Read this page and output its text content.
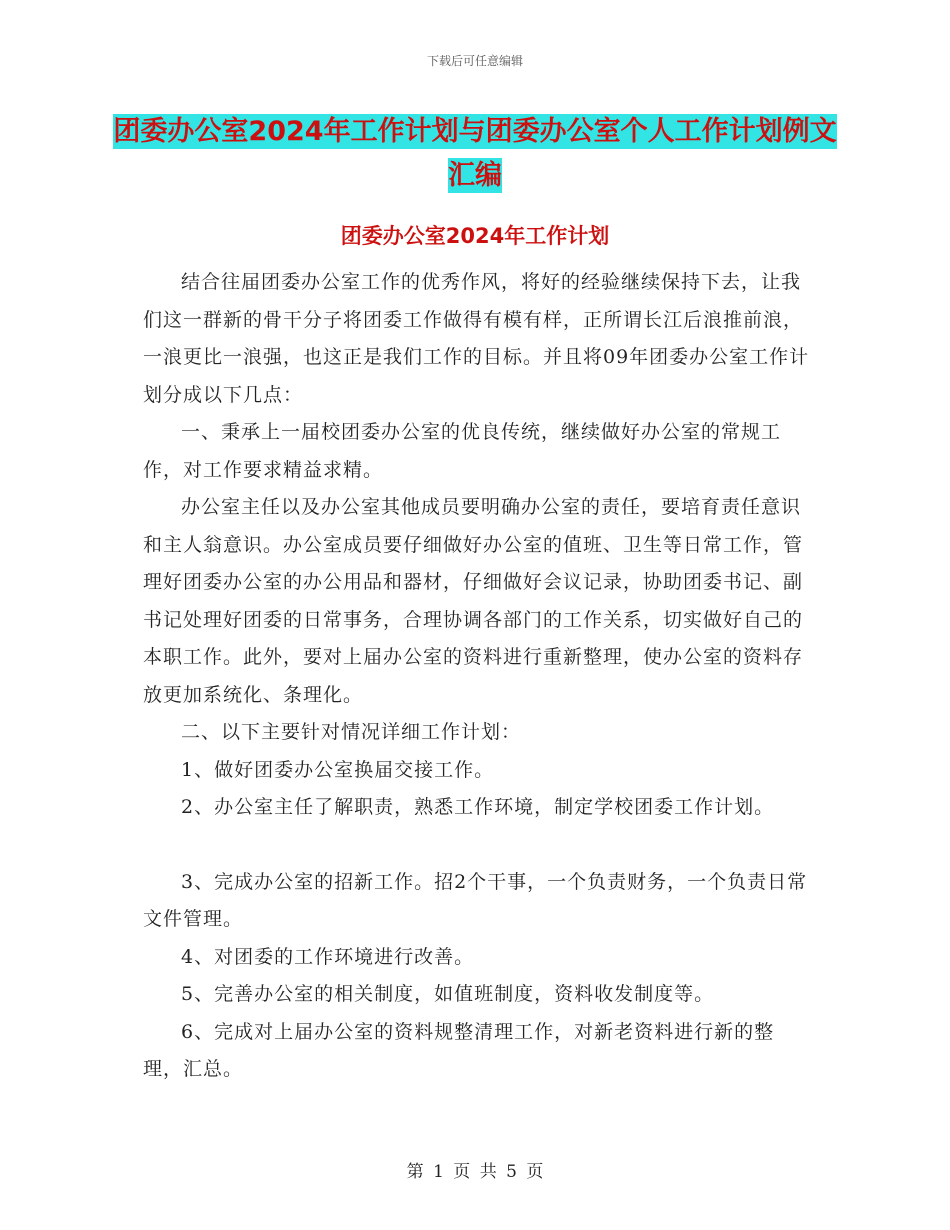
下载后可任意编辑
团委办公室2024年工作计划与团委办公室个人工作计划例文汇编
团委办公室2024年工作计划

结合往届团委办公室工作的优秀作风，将好的经验继续保持下去，让我们这一群新的骨干分子将团委工作做得有模有样，正所谓长江后浪推前浪，一浪更比一浪强，也这正是我们工作的目标。并且将09年团委办公室工作计划分成以下几点：

一、秉承上一届校团委办公室的优良传统，继续做好办公室的常规工作，对工作要求精益求精。

办公室主任以及办公室其他成员要明确办公室的责任，要培育责任意识和主人翁意识。办公室成员要仔细做好办公室的值班、卫生等日常工作，管理好团委办公室的办公用品和器材，仔细做好会议记录，协助团委书记、副书记处理好团委的日常事务，合理协调各部门的工作关系，切实做好自己的本职工作。此外，要对上届办公室的资料进行重新整理，使办公室的资料存放更加系统化、条理化。

二、以下主要针对情况详细工作计划：

1、做好团委办公室换届交接工作。

2、办公室主任了解职责，熟悉工作环境，制定学校团委工作计划。

3、完成办公室的招新工作。招2个干事，一个负责财务，一个负责日常文件管理。

4、对团委的工作环境进行改善。

5、完善办公室的相关制度，如值班制度，资料收发制度等。

6、完成对上届办公室的资料规整清理工作，对新老资料进行新的整理，汇总。

第 1 页 共 5 页
